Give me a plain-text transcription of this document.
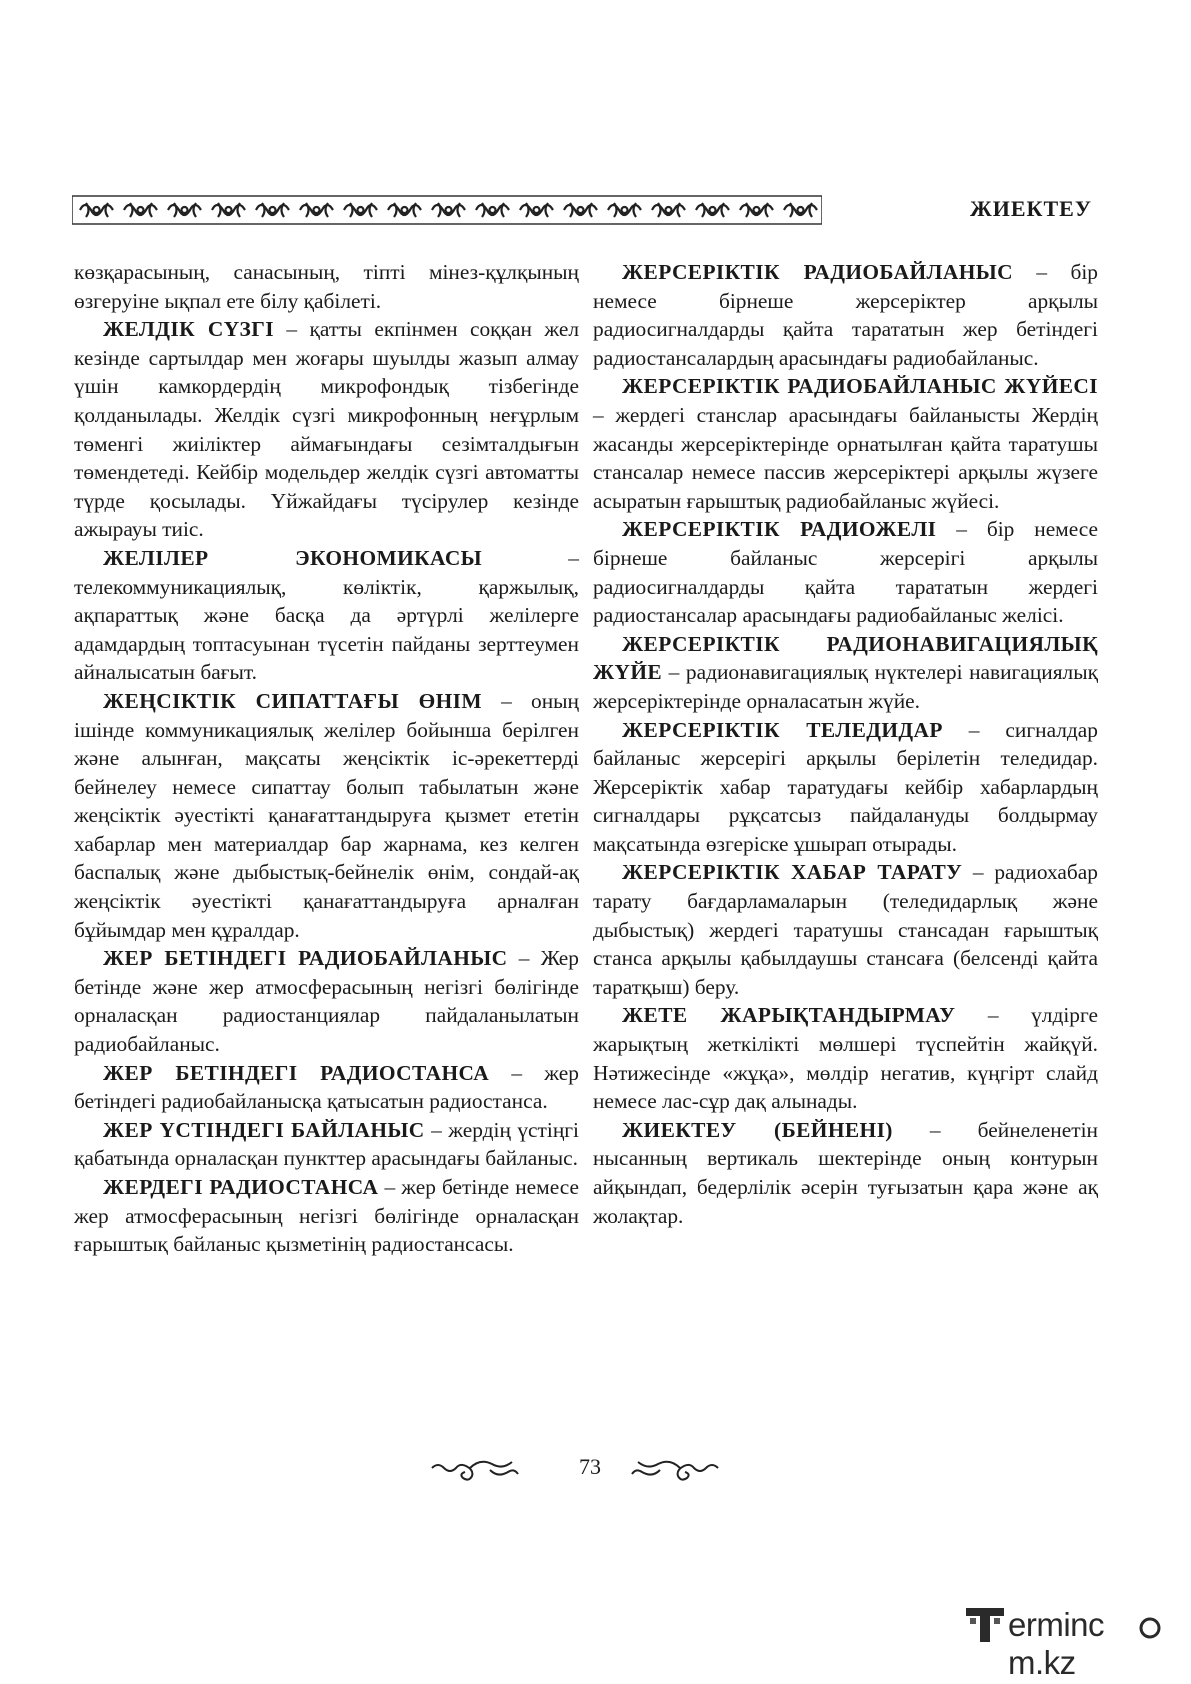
ЖИЕКТЕУ

көзқарасының, санасының, тіпті мінез-құлқының өзгеруіне ықпал ете білу қабілеті.

ЖЕЛДІК СҮЗГІ – қатты екпінмен соққан жел кезінде сартылдар мен жоғары шуылды жазып алмау үшін камкордердің микрофондық тізбегінде қолданылады. Желдік сүзгі микрофонның неғұрлым төменгі жиіліктер аймағындағы сезімталдығын төмендетеді. Кейбір модельдер желдік сүзгі автоматты түрде қосылады. Үйжайдағы түсірулер кезінде ажырауы тиіс.

ЖЕЛІЛЕР ЭКОНОМИКАСЫ – телекоммуникациялық, көліктік, қаржылық, ақпараттық және басқа да әртүрлі желілерге адамдардың топтасуынан түсетін пайданы зерттеумен айналысатын бағыт.

ЖЕҢСІКТІК СИПАТТАҒЫ ӨНІМ – оның ішінде коммуникациялық желілер бойынша берілген және алынған, мақсаты жеңсіктік іс-әрекеттерді бейнелеу немесе сипаттау болып табылатын және жеңсіктік әуестікті қанағаттандыруға қызмет ететін хабарлар мен материалдар бар жарнама, кез келген баспалық және дыбыстық-бейнелік өнім, сондай-ақ жеңсіктік әуестікті қанағаттандыруға арналған бұйымдар мен құралдар.

ЖЕР БЕТІНДЕГІ РАДИОБАЙЛАНЫС – Жер бетінде және жер атмосферасының негізгі бөлігінде орналасқан радиостанциялар пайдаланылатын радиобайланыс.

ЖЕР БЕТІНДЕГІ РАДИОСТАНСА – жер бетіндегі радиобайланысқа қатысатын радиостанса.

ЖЕР ҮСТІНДЕГІ БАЙЛАНЫС – жердің үстіңгі қабатында орналасқан пункттер арасындағы байланыс.

ЖЕРДЕГІ РАДИОСТАНСА – жер бетінде немесе жер атмосферасының негізгі бөлігінде орналасқан ғарыштық байланыс қызметінің радиостансасы.

ЖЕРСЕРІКТІК РАДИОБАЙЛАНЫС – бір немесе бірнеше жерсеріктер арқылы радиосигналдарды қайта тарататын жер бетіндегі радиостансалардың арасындағы радиобайланыс.

ЖЕРСЕРІКТІК РАДИОБАЙЛАНЫС ЖҮЙЕСІ – жердегі станслар арасындағы байланысты Жердің жасанды жерсеріктерінде орнатылған қайта таратушы стансалар немесе пассив жерсеріктері арқылы жүзеге асыратын ғарыштық радиобайланыс жүйесі.

ЖЕРСЕРІКТІК РАДИОЖЕЛІ – бір немесе бірнеше байланыс жерсерігі арқылы радиосигналдарды қайта тарататын жердегі радиостансалар арасындағы радиобайланыс желісі.

ЖЕРСЕРІКТІК РАДИОНАВИГАЦИЯЛЫҚ ЖҮЙЕ – радионавигациялық нүктелері навигациялық жерсеріктерінде орналасатын жүйе.

ЖЕРСЕРІКТІК ТЕЛЕДИДАР – сигналдар байланыс жерсерігі арқылы берілетін теледидар. Жерсеріктік хабар таратудағы кейбір хабарлардың сигналдары рұқсатсыз пайдалануды болдырмау мақсатында өзгеріске ұшырап отырады.

ЖЕРСЕРІКТІК ХАБАР ТАРАТУ – радиохабар тарату бағдарламаларын (теледидарлық және дыбыстық) жердегі таратушы стансадан ғарыштық станса арқылы қабылдаушы стансаға (белсенді қайта таратқыш) беру.

ЖЕТЕ ЖАРЫҚТАНДЫРМАУ – үлдірге жарықтың жеткілікті мөлшері түспейтін жайқүй. Нәтижесінде «жұқа», мөлдір негатив, күңгірт слайд немесе лас-сұр дақ алынады.

ЖИЕКТЕУ (БЕЙНЕНІ) – бейнеленетін нысанның вертикаль шектерінде оның контурын айқындап, бедерлілік әсерін туғызатын қара және ақ жолақтар.

73
erminc m.kz
